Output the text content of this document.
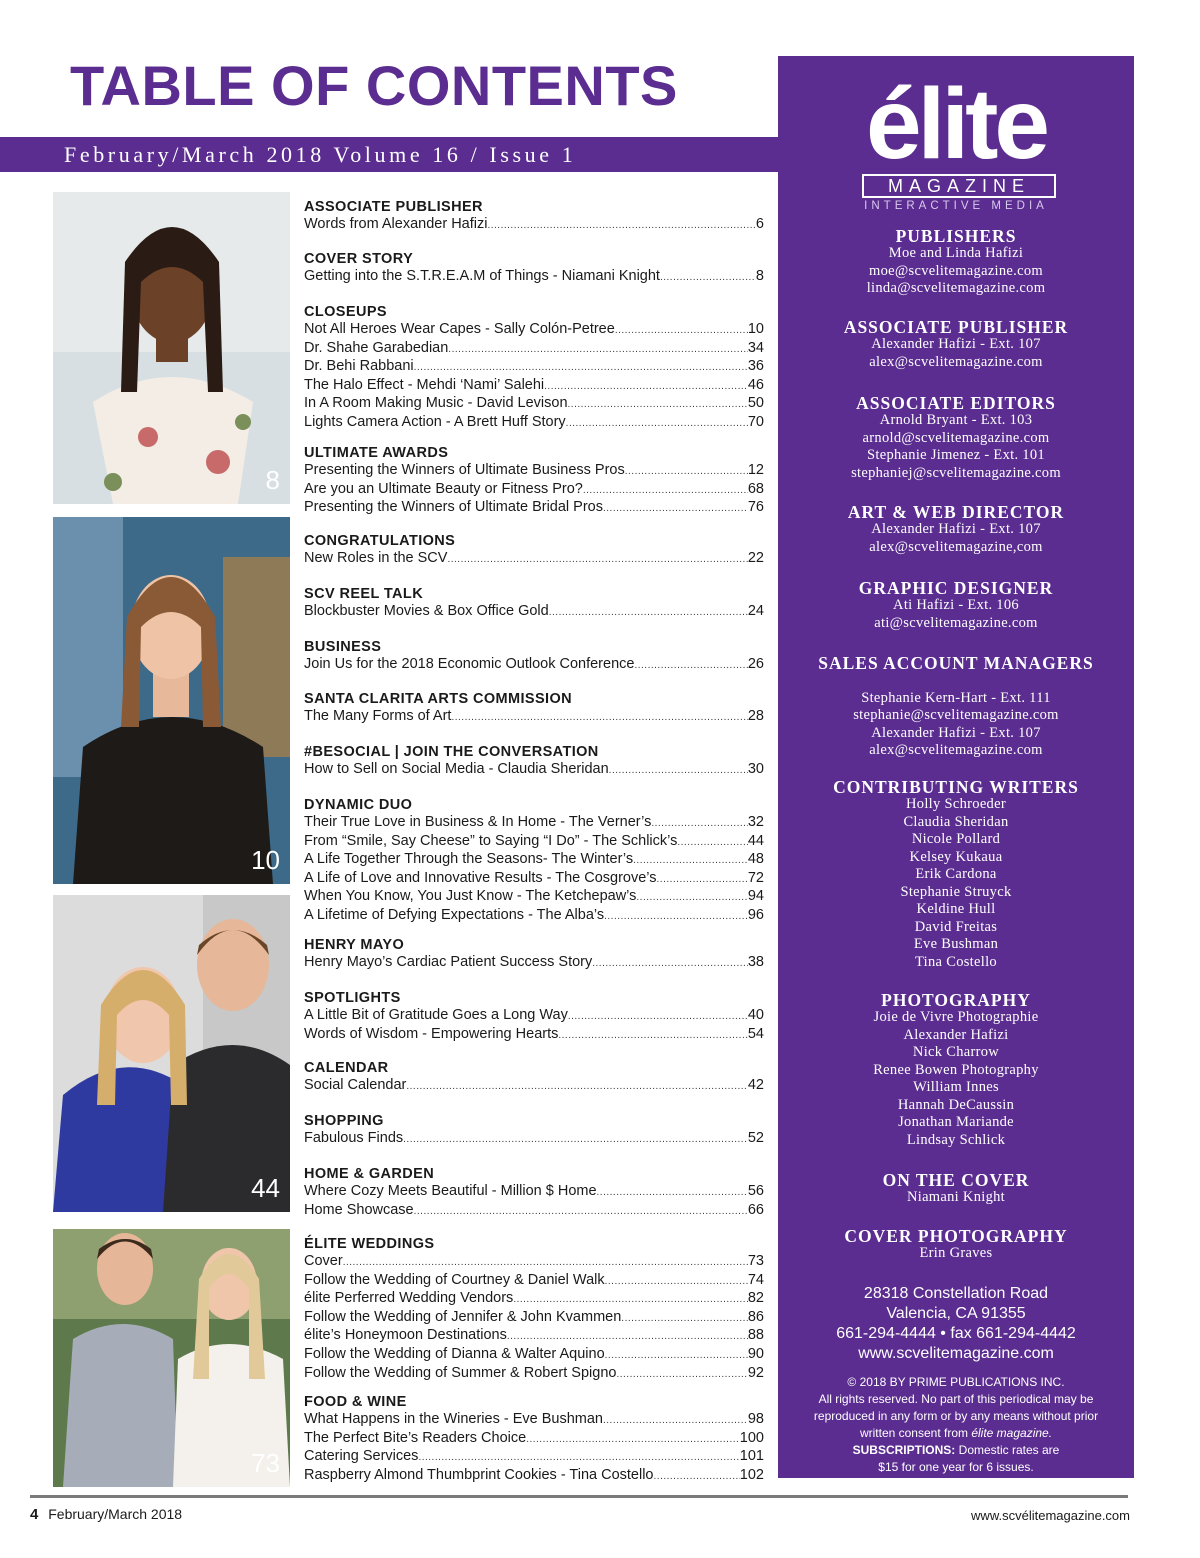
TABLE OF CONTENTS
February/March 2018 Volume 16 / Issue 1
8
10
44
73
ASSOCIATE PUBLISHER
Words from Alexander Hafizi .....	6
COVER STORY
Getting into the S.T.R.E.A.M of Things - Niamani Knight .....	8
CLOSEUPS
Not All Heroes Wear Capes - Sally Colón-Petree .....	10
Dr. Shahe Garabedian .....	34
Dr. Behi Rabbani .....	36
The Halo Effect - Mehdi ‘Nami’ Salehi .....	46
In A Room Making Music - David Levison .....	50
Lights Camera Action - A Brett Huff Story .....	70
ULTIMATE AWARDS
Presenting the Winners of Ultimate Business Pros .....	12
Are you an Ultimate Beauty or Fitness Pro? .....	68
Presenting the Winners of Ultimate Bridal Pros .....	76
CONGRATULATIONS
New Roles in the SCV .....	22
SCV REEL TALK
Blockbuster Movies & Box Office Gold .....	24
BUSINESS
Join Us for the 2018 Economic Outlook Conference .....	26
SANTA CLARITA ARTS COMMISSION
The Many Forms of Art .....	28
#BESOCIAL | JOIN THE CONVERSATION
How to Sell on Social Media - Claudia Sheridan .....	30
DYNAMIC DUO
Their True Love in Business & In Home - The Verner’s .....	32
From “Smile, Say Cheese” to Saying “I Do” - The Schlick’s .....	44
A Life Together Through the Seasons- The Winter’s .....	48
A Life of Love and Innovative Results - The Cosgrove’s .....	72
When You Know, You Just Know - The Ketchepaw’s .....	94
A Lifetime of Defying Expectations - The Alba’s .....	96
HENRY MAYO
Henry Mayo’s Cardiac Patient Success Story .....	38
SPOTLIGHTS
A Little Bit of Gratitude Goes a Long Way .....	40
Words of Wisdom - Empowering Hearts .....	54
CALENDAR
Social Calendar .....	42
SHOPPING
Fabulous Finds .....	52
HOME & GARDEN
Where Cozy Meets Beautiful - Million $ Home .....	56
Home Showcase .....	66
ÉLITE WEDDINGS
Cover .....	73
Follow the Wedding of Courtney & Daniel Walk .....	74
élite Perferred Wedding Vendors .....	82
Follow the Wedding of Jennifer & John Kvammen .....	86
élite’s Honeymoon Destinations .....	88
Follow the Wedding of Dianna & Walter Aquino .....	90
Follow the Wedding of Summer & Robert Spigno .....	92
FOOD & WINE
What Happens in the Wineries - Eve Bushman .....	98
The Perfect Bite’s Readers Choice .....	100
Catering Services .....	101
Raspberry Almond Thumbprint Cookies - Tina Costello .....	102
élite
MAGAZINE
INTERACTIVE MEDIA
PUBLISHERS
Moe and Linda Hafizi
moe@scvelitemagazine.com
linda@scvelitemagazine.com
ASSOCIATE PUBLISHER
Alexander Hafizi - Ext. 107
alex@scvelitemagazine.com
ASSOCIATE EDITORS
Arnold Bryant - Ext. 103
arnold@scvelitemagazine.com
Stephanie Jimenez - Ext. 101
stephaniej@scvelitemagazine.com
ART & WEB DIRECTOR
Alexander Hafizi - Ext. 107
alex@scvelitemagazine,com
GRAPHIC DESIGNER
Ati Hafizi - Ext. 106
ati@scvelitemagazine.com
SALES ACCOUNT MANAGERS
Stephanie Kern-Hart - Ext. 111
stephanie@scvelitemagazine.com
Alexander Hafizi - Ext. 107
alex@scvelitemagazine.com
CONTRIBUTING WRITERS
Holly Schroeder
Claudia Sheridan
Nicole Pollard
Kelsey Kukaua
Erik Cardona
Stephanie Struyck
Keldine Hull
David Freitas
Eve Bushman
Tina Costello
PHOTOGRAPHY
Joie de Vivre Photographie
Alexander Hafizi
Nick Charrow
Renee Bowen Photography
William Innes
Hannah DeCaussin
Jonathan Mariande
Lindsay Schlick
ON THE COVER
Niamani Knight
COVER PHOTOGRAPHY
Erin Graves
28318 Constellation Road
Valencia, CA 91355
661-294-4444 • fax 661-294-4442
www.scvelitemagazine.com
© 2018 BY PRIME PUBLICATIONS INC.
All rights reserved. No part of this periodical may be
reproduced in any form or by any means without prior
written consent from élite magazine.
SUBSCRIPTIONS: Domestic rates are
$15 for one year for 6 issues.
4 February/March 2018	www.scvélitemagazine.com
